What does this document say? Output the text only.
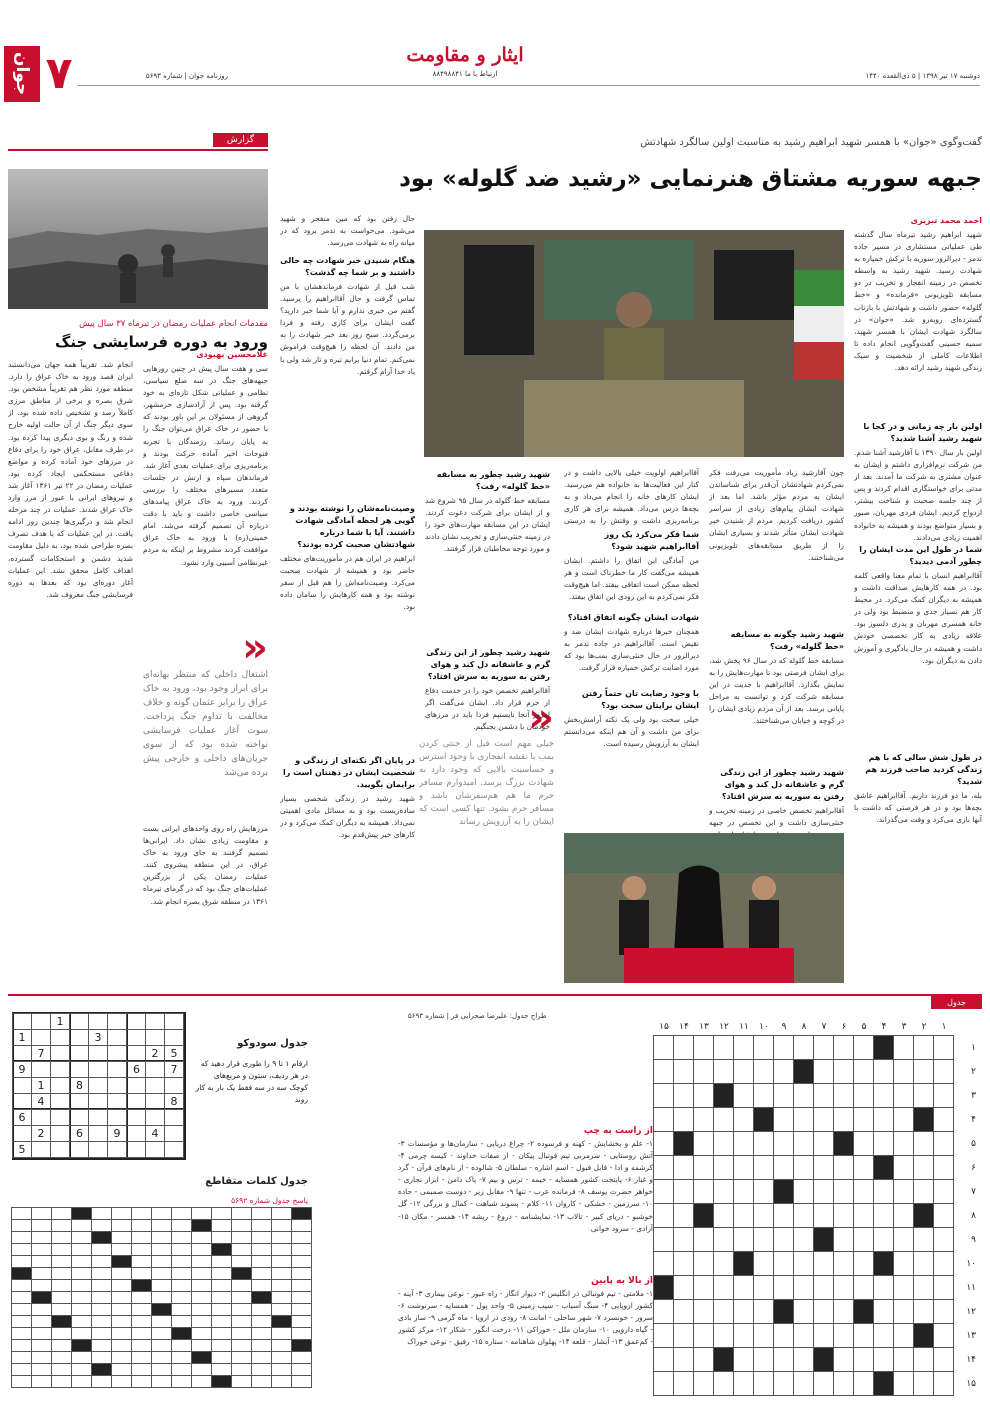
جوان ۷	روزنامه جوان | شماره ۵۶۹۳
ایثار و مقاومت
ارتباط با ما ۸۸۴۹۸۸۴۱	دوشنبه ۱۷ تیر ۱۳۹۸ | ۵ ذی‌القعده ۱۴۴۰
گزارش
مقدمات انجام عملیات رمضان در تیرماه ۳۷ سال پیش
ورود به دوره فرسایشی جنگ
غلامحسین بهبودی
سی و هفت سال پیش در چنین روزهایی جبهه‌های جنگ در سه ضلع سیاسی، نظامی و عملیاتی شکل تازه‌ای به خود گرفته بود. پس از آزادسازی خرمشهر، گروهی از مسئولان بر این باور بودند که با حضور در خاک عراق می‌توان جنگ را به پایان رساند. رزمندگان با تجربه فتوحات اخیر آماده حرکت بودند و برنامه‌ریزی برای عملیات بعدی آغاز شد. فرماندهان سپاه و ارتش در جلسات متعدد مسیرهای مختلف را بررسی کردند. ورود به خاک عراق پیامدهای سیاسی خاصی داشت و باید با دقت درباره آن تصمیم گرفته می‌شد. امام خمینی(ره) با ورود به خاک عراق موافقت کردند مشروط بر اینکه به مردم غیرنظامی آسیبی وارد نشود.
«
اشتغال داخلی که منتظر بهانه‌ای برای ابراز وجود بود، ورود به خاک عراق را برابر عثمان گونه و خلاف مخالفت با تداوم جنگ پرداخت. سوت آغاز عملیات فرسایشی نواخته شده بود که از سوی جریان‌های داخلی و خارجی پیش برده می‌شد
مرزهایش راه روی واحدهای ایرانی بست و مقاومت زیادی نشان داد. ایرانی‌ها تصمیم گرفتند به جای ورود به خاک عراق، در این منطقه پیشروی کنند. عملیات رمضان یکی از بزرگترین عملیات‌های جنگ بود که در گرمای تیرماه ۱۳۶۱ در منطقه شرق بصره انجام شد.
انجام شد. تقریباً همه جهان می‌دانستند ایران قصد ورود به خاک عراق را دارد. منطقه مورد نظر هم تقریباً مشخص بود. شرق بصره و برخی از مناطق مرزی کاملاً رصد و تشخیص داده شده بود. از سوی دیگر جنگ از آن حالت اولیه خارج شده و رنگ و بوی دیگری پیدا کرده بود. در طرف مقابل، عراق خود را برای دفاع در مرزهای خود آماده کرده و مواضع دفاعی مستحکمی ایجاد کرده بود. عملیات رمضان در ۲۲ تیر ۱۳۶۱ آغاز شد و نیروهای ایرانی با عبور از مرز وارد خاک عراق شدند. عملیات در چند مرحله انجام شد و درگیری‌ها چندین روز ادامه یافت. در این عملیات که با هدف تصرف بصره طراحی شده بود، به دلیل مقاومت شدید دشمن و استحکامات گسترده، اهداف کامل محقق نشد. این عملیات آغاز دوره‌ای بود که بعدها به دوره فرسایشی جنگ معروف شد.
گفت‌وگوی «جوان» با همسر شهید ابراهیم رشید به مناسبت اولین سالگرد شهادتش
جبهه سوریه مشتاق هنرنمایی «رشید ضد گلوله» بود
احمد محمد تبریزی
شهید ابراهیم رشید تیرماه سال گذشته طی عملیاتی مستشاری در مسیر جاده تدمر - دیرالزور سوریه با ترکش خمپاره به شهادت رسید. شهید رشید به واسطه تخصص در زمینه انفجار و تخریب در دو مسابقه تلویزیونی «فرمانده» و «خط گلوله» حضور داشت و شهادتش با بازتاب گسترده‌ای روبه‌رو شد. «جوان» در سالگرد شهادت ایشان با همسر شهید، سمیه حسینی گفت‌وگویی انجام داده تا اطلاعات کاملی از شخصیت و سبک زندگی شهید رشید ارائه دهد.
اولین بار چه زمانی و در کجا با شهید رشید آشنا شدید؟
اولین بار سال ۱۳۹۰ با آقارشید آشنا شدم. من شرکت نرم‌افزاری داشتم و ایشان به عنوان مشتری به شرکت ما آمدند. بعد از مدتی برای خواستگاری اقدام کردند و پس از چند جلسه صحبت و شناخت بیشتر، ازدواج کردیم. ایشان فردی مهربان، صبور و بسیار متواضع بودند و همیشه به خانواده اهمیت زیادی می‌دادند.
شما در طول این مدت ایشان را چطور آدمی دیدید؟
آقاابراهیم انسان با تمام معنا واقعی کلمه بود. در همه کارهایش صداقت داشت و همیشه به دیگران کمک می‌کرد. در محیط کار هم بسیار جدی و منضبط بود ولی در خانه همسری مهربان و پدری دلسوز بود. علاقه زیادی به کار تخصصی خودش داشت و همیشه در حال یادگیری و آموزش دادن به دیگران بود.
در طول شش سالی که با هم زندگی کردید صاحب فرزند هم شدید؟
بله، ما دو فرزند داریم. آقاابراهیم عاشق بچه‌ها بود و در هر فرصتی که داشت با آنها بازی می‌کرد و وقت می‌گذراند.
چون آقارشید زیاد مأموریت می‌رفت فکر نمی‌کردم شهادتشان آن‌قدر برای شناساندن ایشان به مردم مؤثر باشد. اما بعد از شهادت ایشان پیام‌های زیادی از سراسر کشور دریافت کردیم. مردم از شنیدن خبر شهادت ایشان متأثر شدند و بسیاری ایشان را از طریق مسابقه‌های تلویزیونی می‌شناختند.
شهید رشید چگونه به مسابقه «خط گلوله» رفت؟
مسابقه خط گلوله که در سال ۹۶ پخش شد، برای ایشان فرصتی بود تا مهارت‌هایش را به نمایش بگذارد. آقاابراهیم با جدیت در این مسابقه شرکت کرد و توانست به مراحل پایانی برسد. بعد از آن مردم زیادی ایشان را در کوچه و خیابان می‌شناختند.
شهید رشید چطور از این زندگی گرم و عاشقانه دل کند و هوای رفتن به سوریه به سرش افتاد؟
آقاابراهیم تخصص خاصی در زمینه تخریب و خنثی‌سازی داشت و این تخصص در جبهه
آقاابراهیم اولویت خیلی بالایی داشت و در کنار این فعالیت‌ها به خانواده هم می‌رسید. ایشان کارهای خانه را انجام می‌داد و به بچه‌ها درس می‌داد. همیشه برای هر کاری برنامه‌ریزی داشت و وقتش را به درستی
شما فکر می‌کرد یک روز آقاابراهیم شهید شود؟
من آمادگی این اتفاق را داشتم. ایشان همیشه می‌گفت کار ما خطرناک است و هر لحظه ممکن است اتفاقی بیفتد. اما هیچ‌وقت فکر نمی‌کردم به این زودی این اتفاق بیفتد.
شهادت ایشان چگونه اتفاق افتاد؟
همچنان خبرها درباره شهادت ایشان ضد و نقیض است. آقاابراهیم در جاده تدمر به دیرالزور در حال خنثی‌سازی بمب‌ها بود که مورد اصابت ترکش خمپاره قرار گرفت.
با وجود رضایت تان حتماً رفتن ایشان برایتان سخت بود؟
خیلی سخت بود ولی یک نکته آرامش‌بخش برای من داشت و آن هم اینکه می‌دانستم ایشان به آرزویش رسیده است.
«
خیلی مهم است قبل از خنثی کردن بمب با نقشه انفجاری با وجود استرس و حساسیت بالایی که وجود دارد به شهادت بزرگ برسد. امیدوارم مسافر حرم ما هم هم‌سفرشان باشد و مسافر حرم بشود. تنها کسی است که ایشان را به آرزویش رساند
حال رفتن بود که مین منفجر و شهید می‌شود. می‌خواست به تدمر برود که در میانه راه به شهادت می‌رسد.
هنگام شنیدن خبر شهادت چه حالی داشتید و بر شما چه گذشت؟
شب قبل از شهادت فرماندهشان با من تماس گرفت و حال آقاابراهیم را پرسید. گفتم من خبری ندارم و آیا شما خبر دارید؟ گفت ایشان برای کاری رفته و فردا برمی‌گردد. صبح روز بعد خبر شهادت را به من دادند. آن لحظه را هیچ‌وقت فراموش نمی‌کنم. تمام دنیا برایم تیره و تار شد ولی با یاد خدا آرام گرفتم.
وصیت‌نامه‌شان را نوشته بودند و گویی هر لحظه آمادگی شهادت داشتند. آیا با شما درباره شهادتشان صحبت کرده بودند؟
ابراهیم در ایران هم در مأموریت‌های مختلف حاضر بود و همیشه از شهادت صحبت می‌کرد. وصیت‌نامه‌اش را هم قبل از سفر نوشته بود و همه کارهایش را سامان داده بود.
در پایان اگر نکته‌ای از زندگی و شخصیت ایشان در ذهنتان است را برایمان بگویید.
شهید رشید در زندگی شخصی بسیار ساده‌زیست بود و به مسائل مادی اهمیتی نمی‌داد. همیشه به دیگران کمک می‌کرد و در کارهای خیر پیش‌قدم بود.
شهید رشید چطور به مسابقه «خط گلوله» رفت؟
مسابقه خط گلوله در سال ۹۵ شروع شد و از ایشان برای شرکت دعوت کردند. ایشان در این مسابقه مهارت‌های خود را در زمینه خنثی‌سازی و تخریب نشان دادند و مورد توجه مخاطبان قرار گرفتند.
شهید رشید چطور از این زندگی گرم و عاشقانه دل کند و هوای رفتن به سوریه به سرش افتاد؟
آقاابراهیم تخصص خود را در خدمت دفاع از حرم قرار داد. ایشان می‌گفت اگر امروز آنجا نایستیم فردا باید در مرزهای خودمان با دشمن بجنگیم.
جدول
طراح جدول: علیرضا صحرایی فر | شماره ۵۶۹۳
۱
۲
۳
۴
۵
۶
۷
۸
۹
۱۰
۱۱
۱۲
۱۳
۱۴
۱۵
۱
۲
۳
۴
۵
۶
۷
۸
۹
۱۰
۱۱
۱۲
۱۳
۱۴
۱۵
از راست به چپ
۱- علم و بخشایش - کهنه و فرسوده ۲- چراغ دریایی - سازمان‌ها و مؤسسات ۳- آتش روستایی - سرمربی تیم فوتبال پیکان - از صفات خداوند - کیسه چرمی ۴- کرشمه و ادا - قابل قبول - اسم اشاره - سلطان ۵- شالوده - از نام‌های قرآن - گرد و غبار ۶- پایتخت کشور همسایه - خیمه - ترس و بیم ۷- پاک دامن - ابزار نجاری - خواهر حضرت یوسف ۸- فرمانده عرب - تنها ۹- مقابل زیر - دوست صمیمی - جاده ۱۰- سرزمین - خشکی - کاروان ۱۱- کلام - پسوند شباهت - کمال و بزرگی ۱۲- گل خوشبو - دریای کبیر - تالاب ۱۳- نمایشنامه - دروغ - ریشه ۱۴- همسر - مکان ۱۵- آزادی - سرود خوانی
از بالا به پایین
۱- ملامتی - تیم فوتبالی در انگلیس ۲- دیوار انگار - راه عبور - نوعی بیماری ۳- آینه - کشور اروپایی ۴- سنگ آسیاب - سیب زمینی ۵- واحد پول - همسایه - سرنوشت ۶- سرور - خونسرد ۷- شهر ساحلی - امانت ۸- رودی در اروپا - ماه گرمی ۹- ساز بادی - گیاه دارویی ۱۰- سازمان ملل - خوراکی ۱۱- درخت انگور - شکار ۱۲- مرکز کشور - کم‌عمق ۱۳- آبشار - قلعه ۱۴- پهلوان شاهنامه - ستاره ۱۵- رفیق - نوعی خوراک
جدول سودوکو
ارقام ۱ تا ۹ را طوری قرار دهید که در هر ردیف، ستون و مربع‌های کوچک سه در سه فقط یک بار به کار روند
1
3
1
5
2
7
7
6
9
8
1
8
4
6
4
9
6
2
5
جدول کلمات متقاطع
پاسخ جدول شماره ۵۶۹۲
